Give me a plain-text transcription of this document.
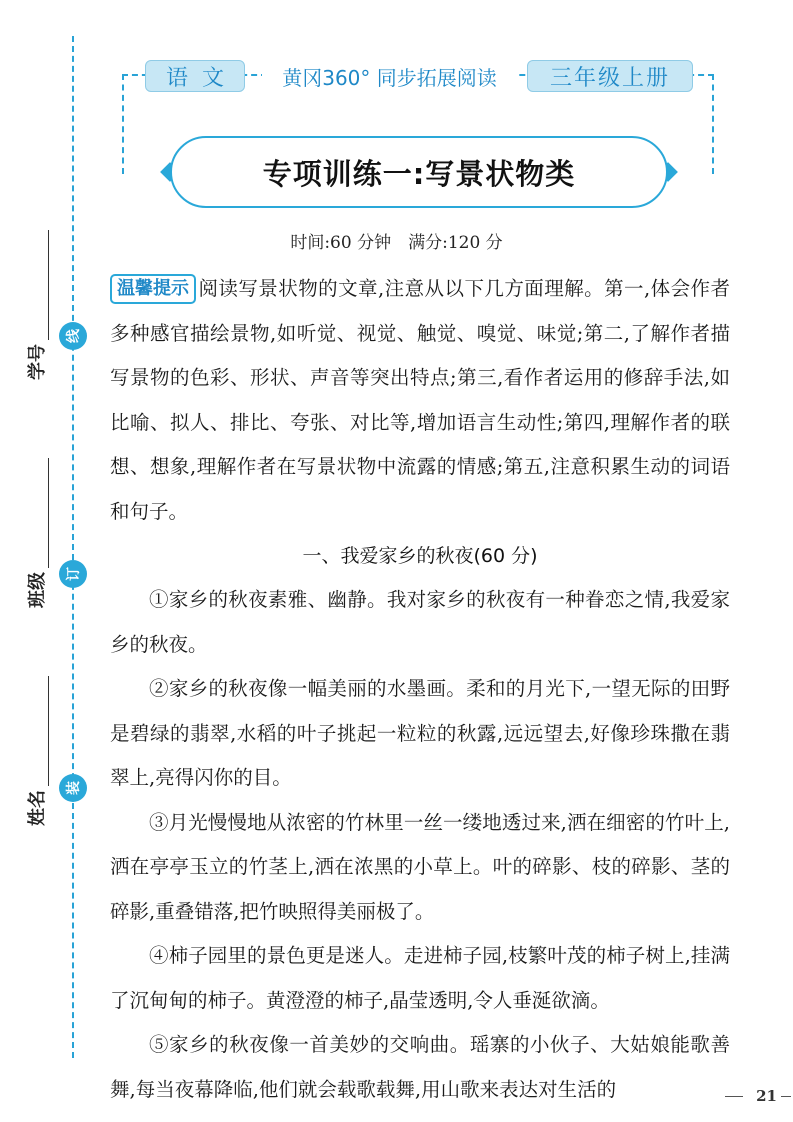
线
订
装
学号
班级
姓名
语文	黄冈360° 同步拓展阅读	三年级上册
专项训练一:写景状物类
时间:60 分钟　满分:120 分

温馨提示 阅读写景状物的文章,注意从以下几方面理解。第一,体会作者多种感官描绘景物,如听觉、视觉、触觉、嗅觉、味觉;第二,了解作者描写景物的色彩、形状、声音等突出特点;第三,看作者运用的修辞手法,如比喻、拟人、排比、夸张、对比等,增加语言生动性;第四,理解作者的联想、想象,理解作者在写景状物中流露的情感;第五,注意积累生动的词语和句子。

一、我爱家乡的秋夜(60 分)

①家乡的秋夜素雅、幽静。我对家乡的秋夜有一种眷恋之情,我爱家乡的秋夜。

②家乡的秋夜像一幅美丽的水墨画。柔和的月光下,一望无际的田野是碧绿的翡翠,水稻的叶子挑起一粒粒的秋露,远远望去,好像珍珠撒在翡翠上,亮得闪你的目。

③月光慢慢地从浓密的竹林里一丝一缕地透过来,洒在细密的竹叶上,洒在亭亭玉立的竹茎上,洒在浓黑的小草上。叶的碎影、枝的碎影、茎的碎影,重叠错落,把竹映照得美丽极了。

④柿子园里的景色更是迷人。走进柿子园,枝繁叶茂的柿子树上,挂满了沉甸甸的柿子。黄澄澄的柿子,晶莹透明,令人垂涎欲滴。

⑤家乡的秋夜像一首美妙的交响曲。瑶寨的小伙子、大姑娘能歌善舞,每当夜幕降临,他们就会载歌载舞,用山歌来表达对生活的	21
